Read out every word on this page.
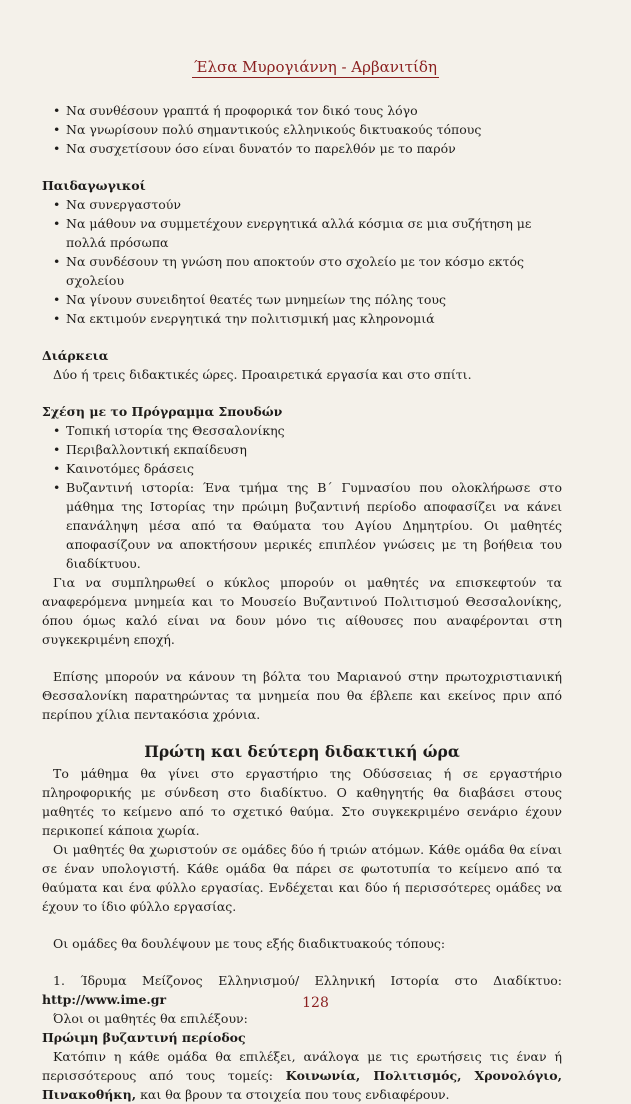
Έλσα Μυρογιάννη - Αρβανιτίδη
• Να συνθέσουν γραπτά ή προφορικά τον δικό τους λόγο
• Να γνωρίσουν πολύ σημαντικούς ελληνικούς δικτυακούς τόπους
• Να συσχετίσουν όσο είναι δυνατόν το παρελθόν με το παρόν
Παιδαγωγικοί
• Να συνεργαστούν
• Να μάθουν να συμμετέχουν ενεργητικά αλλά κόσμια σε μια συζήτηση με πολλά πρόσωπα
• Να συνδέσουν τη γνώση που αποκτούν στο σχολείο με τον κόσμο εκτός σχολείου
• Να γίνουν συνειδητοί θεατές των μνημείων της πόλης τους
• Να εκτιμούν ενεργητικά την πολιτισμική μας κληρονομιά
Διάρκεια
Δύο ή τρεις διδακτικές ώρες. Προαιρετικά εργασία και στο σπίτι.
Σχέση με το Πρόγραμμα Σπουδών
• Τοπική ιστορία της Θεσσαλονίκης
• Περιβαλλοντική εκπαίδευση
• Καινοτόμες δράσεις
• Βυζαντινή ιστορία: Ένα τμήμα της Β΄ Γυμνασίου που ολοκλήρωσε στο μάθημα της Ιστορίας την πρώιμη βυζαντινή περίοδο αποφασίζει να κάνει επανάληψη μέσα από τα Θαύματα του Αγίου Δημητρίου. Οι μαθητές αποφασίζουν να αποκτήσουν μερικές επιπλέον γνώσεις με τη βοήθεια του διαδίκτυου.
Για να συμπληρωθεί ο κύκλος μπορούν οι μαθητές να επισκεφτούν τα αναφερόμενα μνημεία και το Μουσείο Βυζαντινού Πολιτισμού Θεσσαλονίκης, όπου όμως καλό είναι να δουν μόνο τις αίθουσες που αναφέρονται στη συγκεκριμένη εποχή.
Επίσης μπορούν να κάνουν τη βόλτα του Μαριανού στην πρωτοχριστιανική Θεσσαλονίκη παρατηρώντας τα μνημεία που θα έβλεπε και εκείνος πριν από περίπου χίλια πεντακόσια χρόνια.
Πρώτη και δεύτερη διδακτική ώρα
Το μάθημα θα γίνει στο εργαστήριο της Οδύσσειας ή σε εργαστήριο πληροφορικής με σύνδεση στο διαδίκτυο. Ο καθηγητής θα διαβάσει στους μαθητές το κείμενο από το σχετικό θαύμα. Στο συγκεκριμένο σενάριο έχουν περικοπεί κάποια χωρία.
Οι μαθητές θα χωριστούν σε ομάδες δύο ή τριών ατόμων. Κάθε ομάδα θα είναι σε έναν υπολογιστή. Κάθε ομάδα θα πάρει σε φωτοτυπία το κείμενο από τα θαύματα και ένα φύλλο εργασίας. Ενδέχεται και δύο ή περισσότερες ομάδες να έχουν το ίδιο φύλλο εργασίας.
Οι ομάδες θα δουλέψουν με τους εξής διαδικτυακούς τόπους:
1. Ίδρυμα Μείζονος Ελληνισμού/ Ελληνική Ιστορία στο Διαδίκτυο: http://www.ime.gr
Όλοι οι μαθητές θα επιλέξουν:
Πρώιμη βυζαντινή περίοδος
Κατόπιν η κάθε ομάδα θα επιλέξει, ανάλογα με τις ερωτήσεις τις έναν ή περισσότερους από τους τομείς: Κοινωνία, Πολιτισμός, Χρονολόγιο, Πινακοθήκη, και θα βρουν τα στοιχεία που τους ενδιαφέρουν.
128
